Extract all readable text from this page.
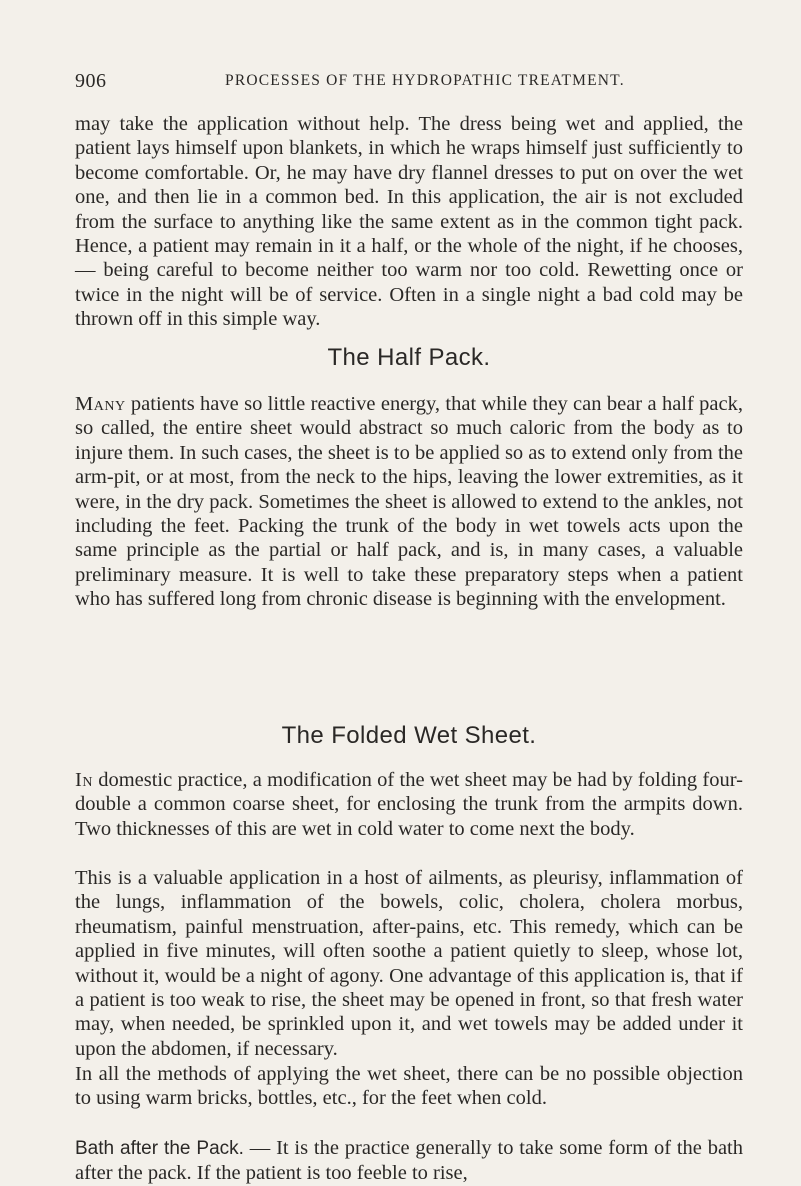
906	PROCESSES OF THE HYDROPATHIC TREATMENT.

may take the application without help. The dress being wet and applied, the patient lays himself upon blankets, in which he wraps himself just sufficiently to become comfortable. Or, he may have dry flannel dresses to put on over the wet one, and then lie in a common bed. In this application, the air is not excluded from the surface to anything like the same extent as in the common tight pack. Hence, a patient may remain in it a half, or the whole of the night, if he chooses, — being careful to become neither too warm nor too cold. Rewetting once or twice in the night will be of service. Often in a single night a bad cold may be thrown off in this simple way.

The Half Pack.

Many patients have so little reactive energy, that while they can bear a half pack, so called, the entire sheet would abstract so much caloric from the body as to injure them. In such cases, the sheet is to be applied so as to extend only from the arm-pit, or at most, from the neck to the hips, leaving the lower extremities, as it were, in the dry pack. Sometimes the sheet is allowed to extend to the ankles, not including the feet. Packing the trunk of the body in wet towels acts upon the same principle as the partial or half pack, and is, in many cases, a valuable preliminary measure. It is well to take these preparatory steps when a patient who has suffered long from chronic disease is beginning with the envelopment.

The Folded Wet Sheet.

In domestic practice, a modification of the wet sheet may be had by folding four-double a common coarse sheet, for enclosing the trunk from the armpits down. Two thicknesses of this are wet in cold water to come next the body.

This is a valuable application in a host of ailments, as pleurisy, inflammation of the lungs, inflammation of the bowels, colic, cholera, cholera morbus, rheumatism, painful menstruation, after-pains, etc. This remedy, which can be applied in five minutes, will often soothe a patient quietly to sleep, whose lot, without it, would be a night of agony. One advantage of this application is, that if a patient is too weak to rise, the sheet may be opened in front, so that fresh water may, when needed, be sprinkled upon it, and wet towels may be added under it upon the abdomen, if necessary.

In all the methods of applying the wet sheet, there can be no possible objection to using warm bricks, bottles, etc., for the feet when cold.

Bath after the Pack. — It is the practice generally to take some form of the bath after the pack. If the patient is too feeble to rise,
